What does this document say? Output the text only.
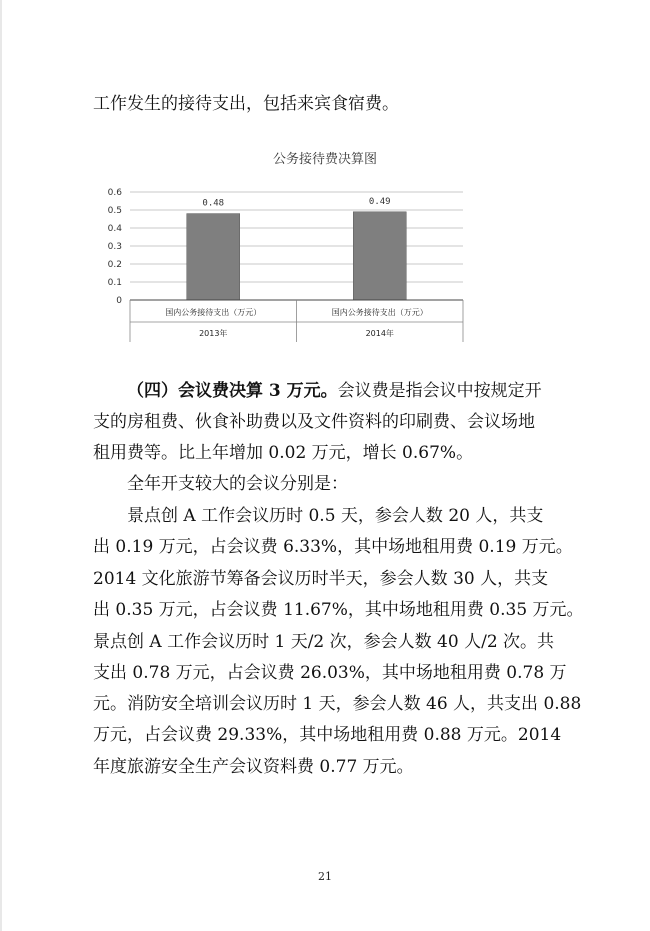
工作发生的接待支出，包括来宾食宿费。
公务接待费决算图
0
0.1
0.2
0.3
0.4
0.5
0.6
0.48	0.49
国内公务接待支出（万元）
2013年
国内公务接待支出（万元）
2014年
（四）会议费决算 3 万元。会议费是指会议中按规定开
支的房租费、伙食补助费以及文件资料的印刷费、会议场地
租用费等。比上年增加 0.02 万元，增长 0.67%。
全年开支较大的会议分别是：
景点创 A 工作会议历时 0.5 天，参会人数 20 人，共支
出 0.19 万元，占会议费 6.33%，其中场地租用费 0.19 万元。
2014 文化旅游节筹备会议历时半天，参会人数 30 人，共支
出 0.35 万元，占会议费 11.67%，其中场地租用费 0.35 万元。
景点创 A 工作会议历时 1 天/2 次，参会人数 40 人/2 次。共
支出 0.78 万元，占会议费 26.03%，其中场地租用费 0.78 万
元。消防安全培训会议历时 1 天，参会人数 46 人，共支出 0.88
万元，占会议费 29.33%，其中场地租用费 0.88 万元。2014
年度旅游安全生产会议资料费 0.77 万元。
21
